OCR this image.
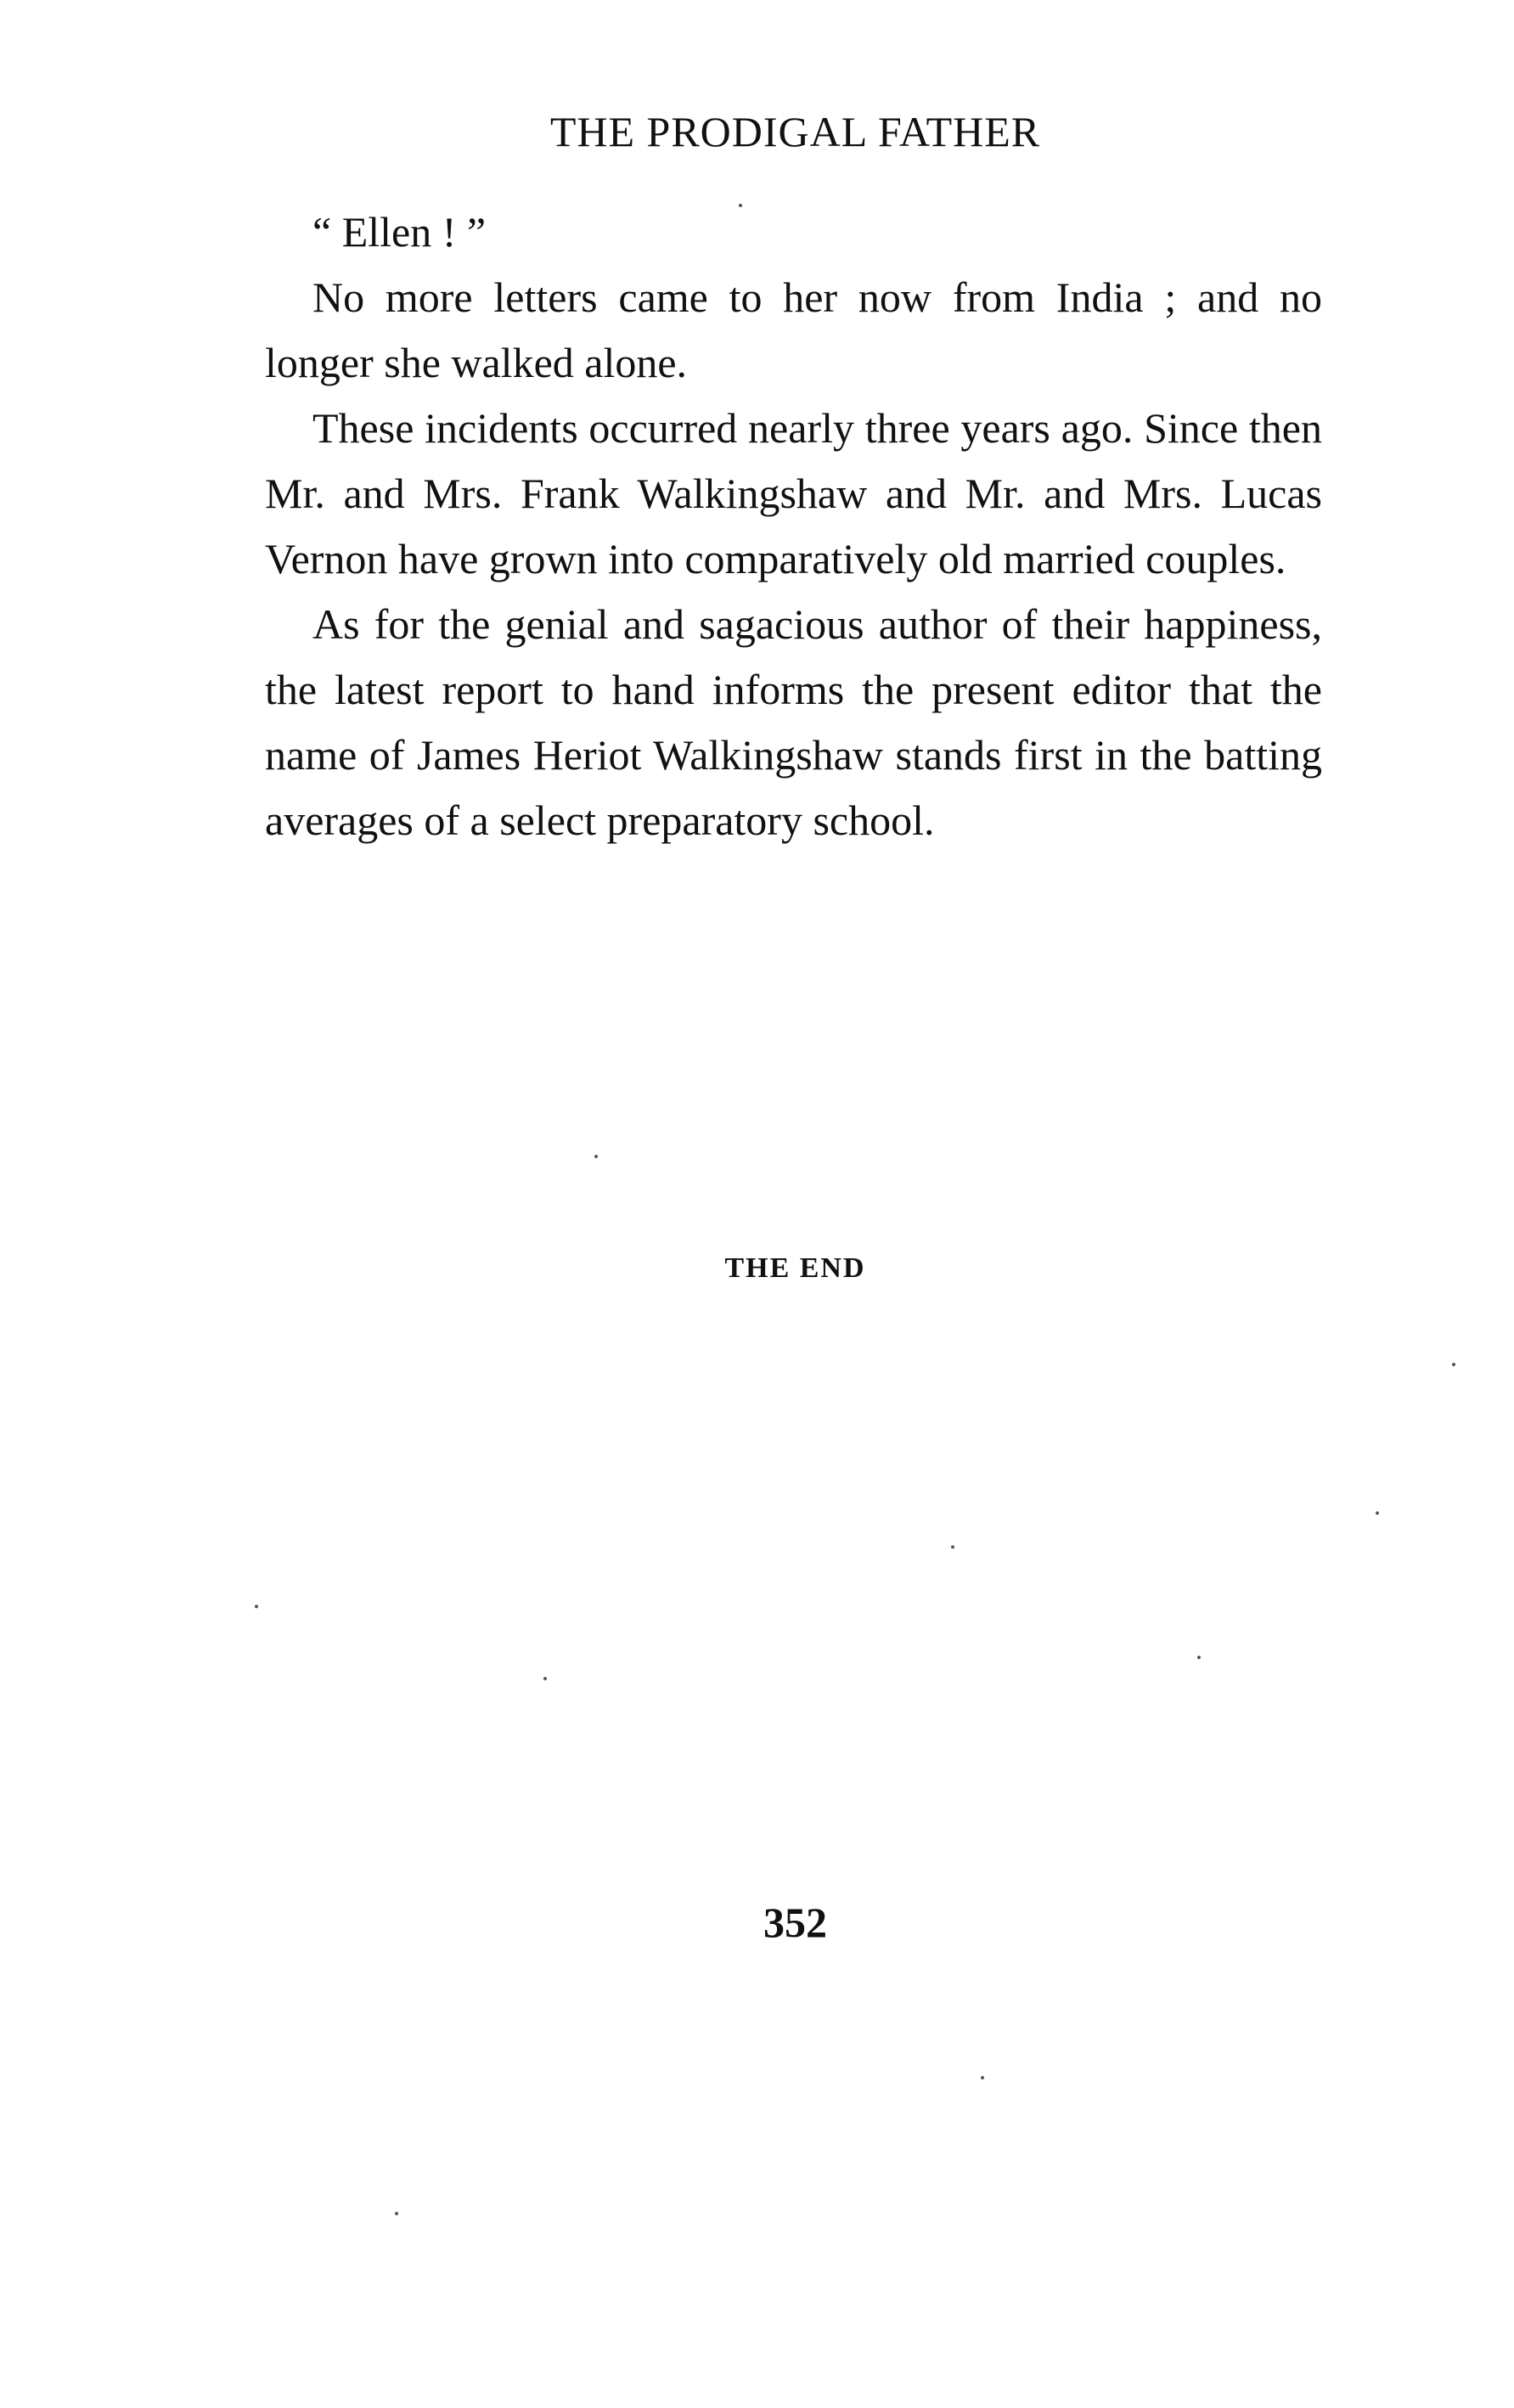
THE PRODIGAL FATHER

“ Ellen ! ”

No more letters came to her now from India ; and no longer she walked alone.

These incidents occurred nearly three years ago. Since then Mr. and Mrs. Frank Walkingshaw and Mr. and Mrs. Lucas Vernon have grown into comparatively old married couples.

As for the genial and sagacious author of their happiness, the latest report to hand informs the present editor that the name of James Heriot Walkingshaw stands first in the batting averages of a select preparatory school.

THE END
352
